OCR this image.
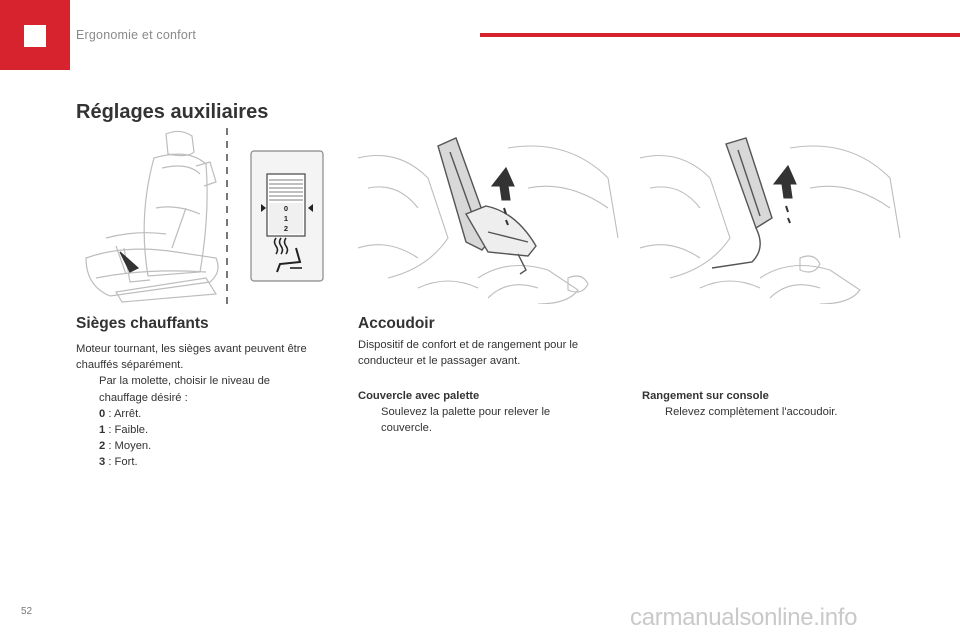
Ergonomie et confort
Réglages auxiliaires
0
1
2
Sièges chauffants
Moteur tournant, les sièges avant peuvent être
chauffés séparément.
Par la molette, choisir le niveau de
chauffage désiré :
0 : Arrêt.
1 : Faible.
2 : Moyen.
3 : Fort.
Accoudoir
Dispositif de confort et de rangement pour le
conducteur et le passager avant.
Couvercle avec palette
Soulevez la palette pour relever le
couvercle.
Rangement sur console
Relevez complètement l'accoudoir.
52	carmanualsonline.info
